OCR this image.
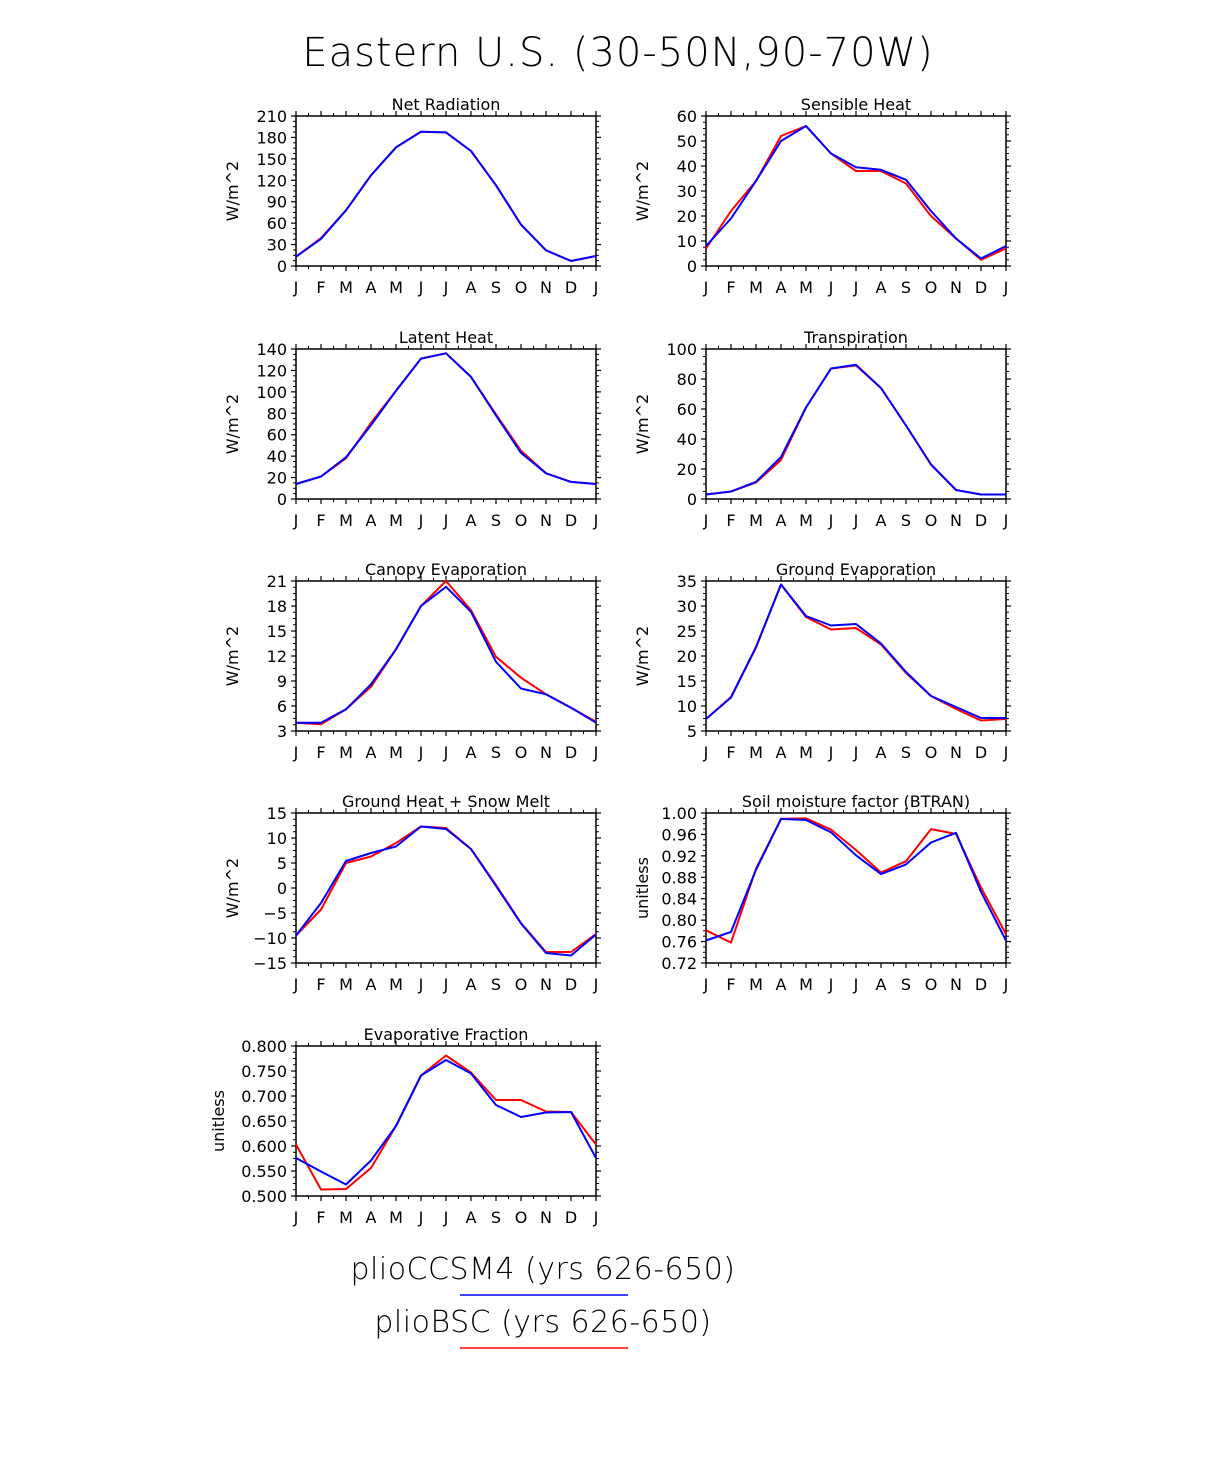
Eastern U.S. (30-50N,90-70W)
Net Radiation
J F M A M J J A S O N D J
0
30
60
90
120
150
180
210
W/m^2
Sensible Heat
J F M A M J J A S O N D J
0
10
20
30
40
50
60
W/m^2
Latent Heat
J F M A M J J A S O N D J
0
20
40
60
80
100
120
140
W/m^2
Transpiration
J F M A M J J A S O N D J
0
20
40
60
80
100
W/m^2
Canopy Evaporation
J F M A M J J A S O N D J
3
6
9
12
15
18
21
W/m^2
Ground Evaporation
J F M A M J J A S O N D J
5
10
15
20
25
30
35
W/m^2
Ground Heat + Snow Melt
J F M A M J J A S O N D J
−15
−10
−5
0
5
10
15
W/m^2
Soil moisture factor (BTRAN)
J F M A M J J A S O N D J
0.72
0.76
0.80
0.84
0.88
0.92
0.96
1.00
unitless
Evaporative Fraction
J F M A M J J A S O N D J
0.500
0.550
0.600
0.650
0.700
0.750
0.800
unitless
plioCCSM4 (yrs 626-650)
plioBSC (yrs 626-650)
